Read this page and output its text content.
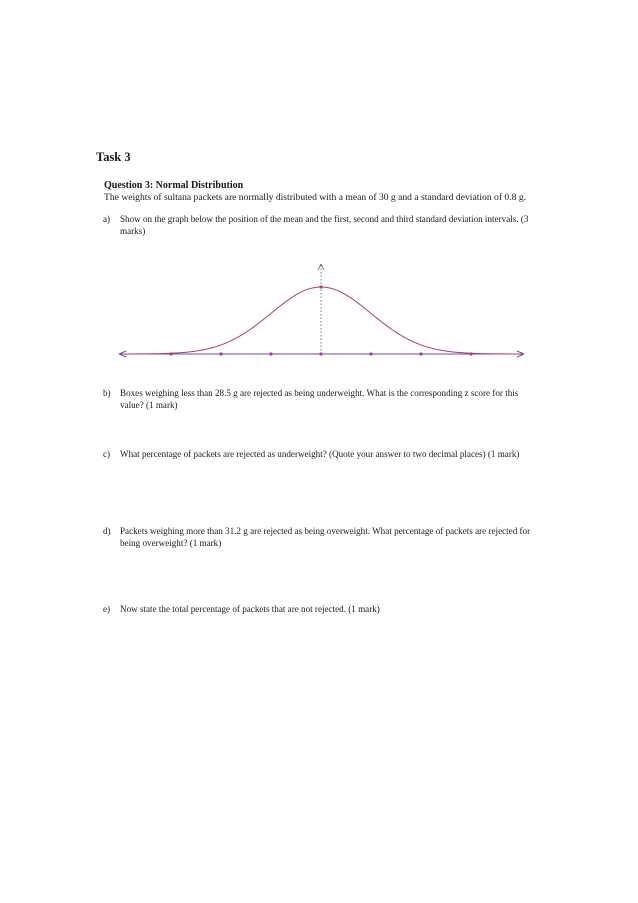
Task 3
Question 3: Normal Distribution
The weights of sultana packets are normally distributed with a mean of 30 g and a standard deviation of 0.8 g.
a) Show on the graph below the position of the mean and the first, second and third standard deviation intervals. (3 marks)
b) Boxes weighing less than 28.5 g are rejected as being underweight. What is the corresponding z score for this value? (1 mark)
c) What percentage of packets are rejected as underweight? (Quote your answer to two decimal places) (1 mark)
d) Packets weighing more than 31.2 g are rejected as being overweight. What percentage of packets are rejected for being overweight? (1 mark)
e) Now state the total percentage of packets that are not rejected. (1 mark)
